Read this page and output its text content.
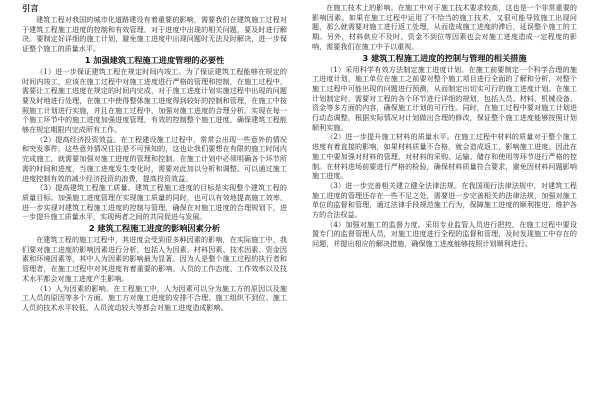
引言

建筑工程对我国的城市化道路建设有着重要的影响，需要我们在建筑施工过程对于建筑工程施工进度的控制和有效管理，对于进度中出现的相关问题，要及时进行解决。要制定好详细的施工计划，避免施工进度中出现问题时无法及时解决，进一步保证整个施工的质量水平。

1 加强建筑工程施工进度管理的必要性

（1）进一步保证建筑工程在规定时间内竣工。为了保证建筑工程能够在规定的时间内竣工，应该在施工过程中对施工进度进行严格的管理和控制，在施工过程中，需要让工程施工进度在规定的时间内完成，对于施工进度计划实施过程中出现的问题要及时地进行处理，在施工中使得整体施工进度得到较好的控制和管理，在施工中按照施工计划进行实施，并且在施工过程中，加强对施工进度的合理分析。实现在每一个施工环节中的施工进度加强进度管理，有效的控制整个施工进度，确保建筑工程能够在规定期限内完成所有工作。

（2）提高经济投资效益。在工程建设施工过程中，常常会出现一些意外的情况和突发事件，这些意外情况往往是不可预知的，这也让我们要想在有限的施工时间内完成施工，就需要加强对施工进度的管理和控制。在施工计划中必须明确各个环节所需的时间和进度，当施工进度发生变化时，需要对此加以分析和调整。可以通过施工进度控制有效的减少经济投资的浪费，提高投资效益。

（3）提高建筑工程施工质量。建筑工程施工进度的目标是实现整个建筑工程的质量目标。加强施工进度管理在实现施工质量的同时，也可以有效地提高施工效率，进一步实现对建筑工程施工进度的控制与管理，确保在对施工进度的合理规划下，进一步提升施工质量水平，实现两者之间的共同促进与发展。

2 建筑工程施工进度的影响因素分析

在建筑工程的施工过程中，其进度会受到很多种因素的影响，在实际施工中，我们要对施工进度的影响因素进行分析，包括人为因素、材料因素、技术因素、资金因素和环境因素等，其中人为因素的影响最为显著。因为人是整个施工过程的执行者和管理者，在施工过程中对其进度有着重要的影响。人员的工作态度、工作效率以及技术水平都会对施工进度产生影响。

（1）人为因素的影响。在工程施工中，人为因素可以分为施工方的原因以及施工人员的原因等多个方面。施工方对施工进度的安排不合理、施工组织不到位、施工人员的技术水平较低、人员流动较大等都会对施工进度造成影响。

在施工技术上的影响。在施工中对于施工技术要求较高，这也是一个非常重要的影响因素。如果在施工过程中运用了不恰当的施工技术，又很可能导致施工出现问题，那么就需要对施工进行返工处理，从而造成施工进度的滞后，延误整个施工的工期。另外，材料供应不及时、资金不到位等因素也会对施工进度造成一定程度的影响，需要我们在施工中予以重视。

3 建筑工程施工进度的控制与管理的相关措施

（1）采用科学有效方法制定施工进度计划。在施工前要制定一个科学合理的施工进度计划，施工单位在施工之前要对整个施工项目进行全面的了解和分析，对整个施工过程中可能出现的问题进行预测，从而制定出切实可行的施工进度计划。在施工计划制定时，需要对工程的各个环节进行详细的规划，包括人员、材料、机械设备、资金等多方面的内容，确保施工计划的可行性。同时，在施工过程中要对施工计划进行动态调整，根据实际情况对计划做出合理的修改，保证整个施工进度能够按照计划顺利实施。

（2）进一步提升施工材料的质量水平。在施工过程中材料的质量对于整个施工进度有着直接的影响，如果材料质量不合格，就会造成返工，影响施工进度。因此在施工中要加强对材料的管理，对材料的采购、运输、储存和使用等环节进行严格的控制。在材料进场前要进行严格的检验，确保材料质量符合要求，避免因材料问题影响施工进度。

（3）进一步完善相关建立健全法律法规。在我国现行法律法规中，对建筑工程施工进度的管理还存在一些不足之处，需要进一步完善相关的法律法规，加强对施工单位的监督和管理，通过法律手段规范施工行为，保障施工进度的顺利推进，维护各方的合法权益。

（4）加强对施工的监督力度。采用专业监管人员进行把控，在施工过程中要设置专门的监督管理人员，对施工进度进行全程的监督和管理，及时发现施工中存在的问题，并提出相应的解决措施，确保施工进度能够按照计划顺利进行。
